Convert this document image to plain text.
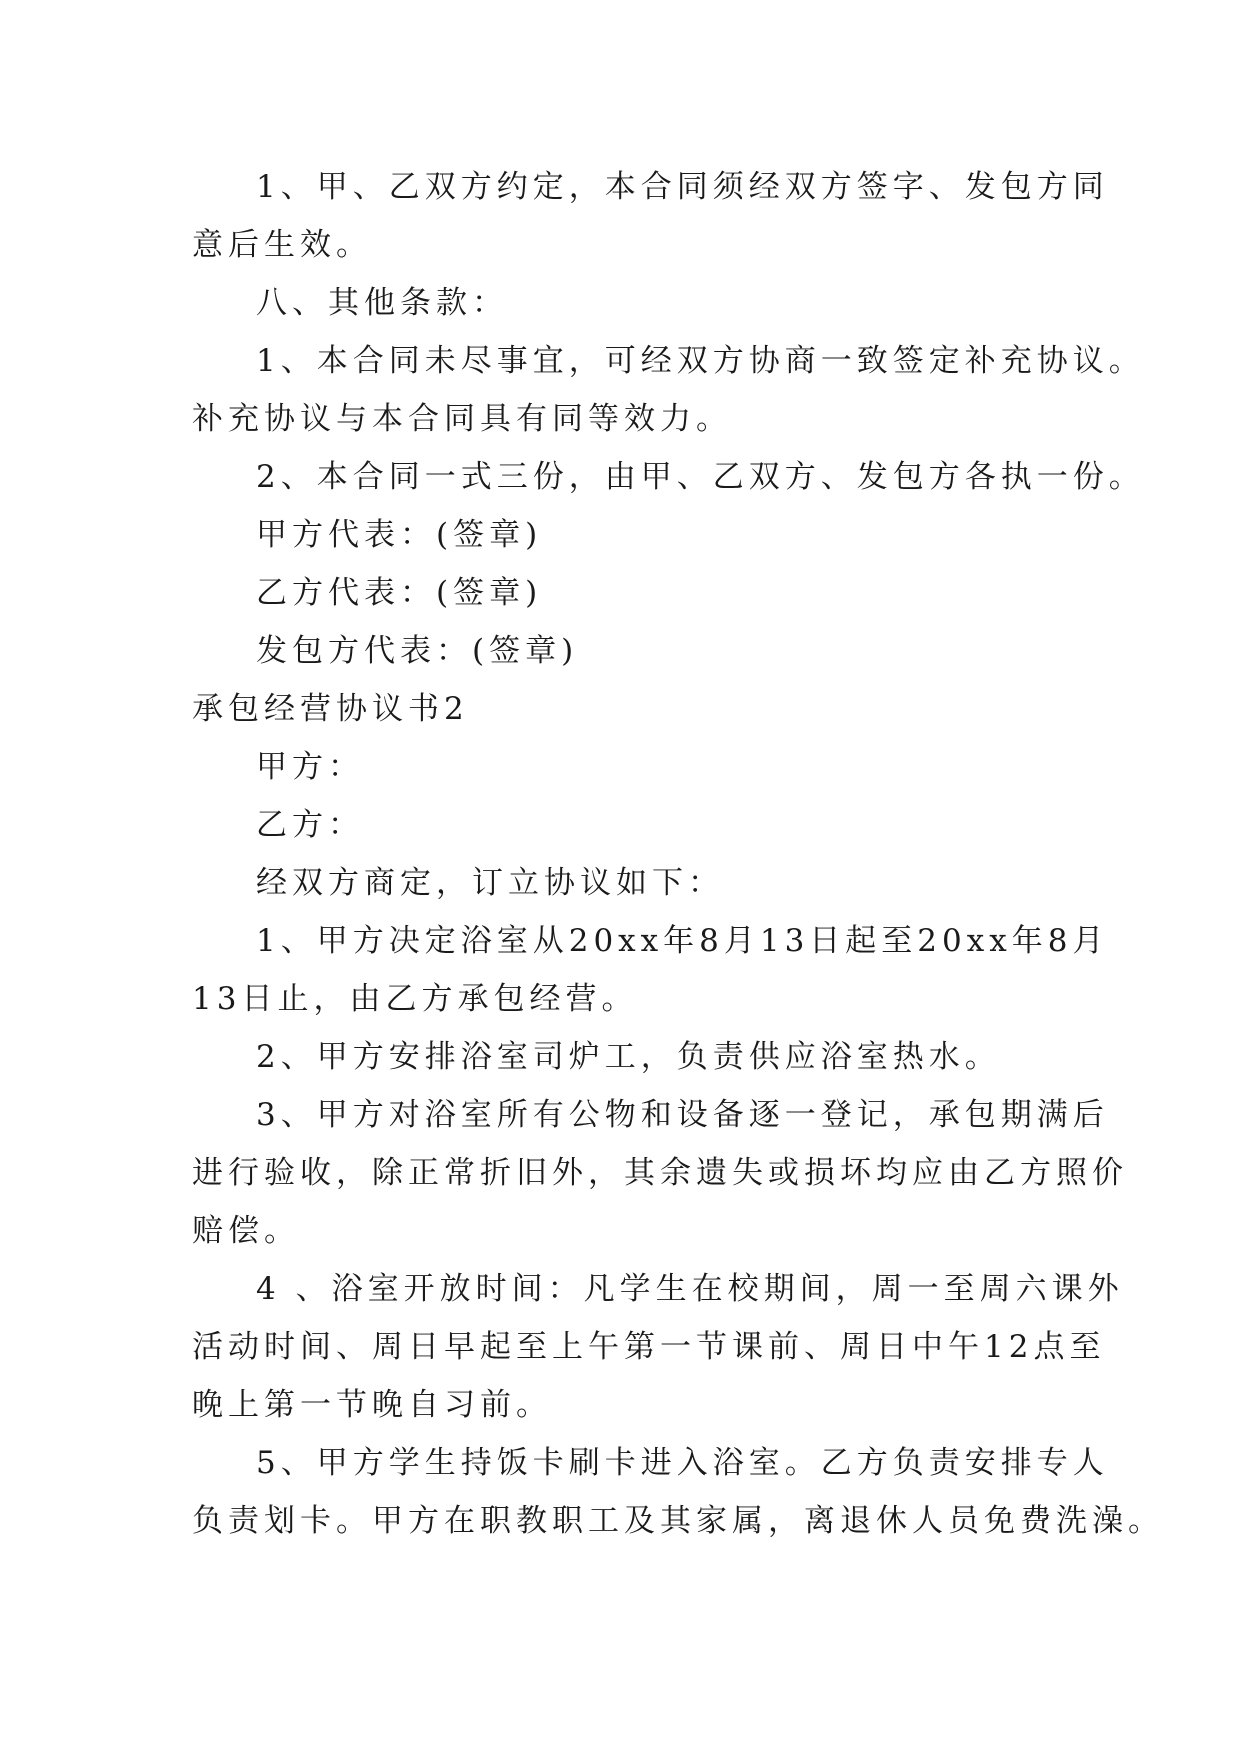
1、甲、乙双方约定，本合同须经双方签字、发包方同
意后生效。
八、其他条款：
1、本合同未尽事宜，可经双方协商一致签定补充协议。
补充协议与本合同具有同等效力。
2、本合同一式三份，由甲、乙双方、发包方各执一份。
甲方代表：(签章)
乙方代表：(签章)
发包方代表：(签章)
承包经营协议书2
甲方：
乙方：
经双方商定，订立协议如下：
1、甲方决定浴室从20xx年8月13日起至20xx年8月
13日止，由乙方承包经营。
2、甲方安排浴室司炉工，负责供应浴室热水。
3、甲方对浴室所有公物和设备逐一登记，承包期满后
进行验收，除正常折旧外，其余遗失或损坏均应由乙方照价
赔偿。
4 、浴室开放时间：凡学生在校期间，周一至周六课外
活动时间、周日早起至上午第一节课前、周日中午12点至
晚上第一节晚自习前。
5、甲方学生持饭卡刷卡进入浴室。乙方负责安排专人
负责划卡。甲方在职教职工及其家属，离退休人员免费洗澡。
